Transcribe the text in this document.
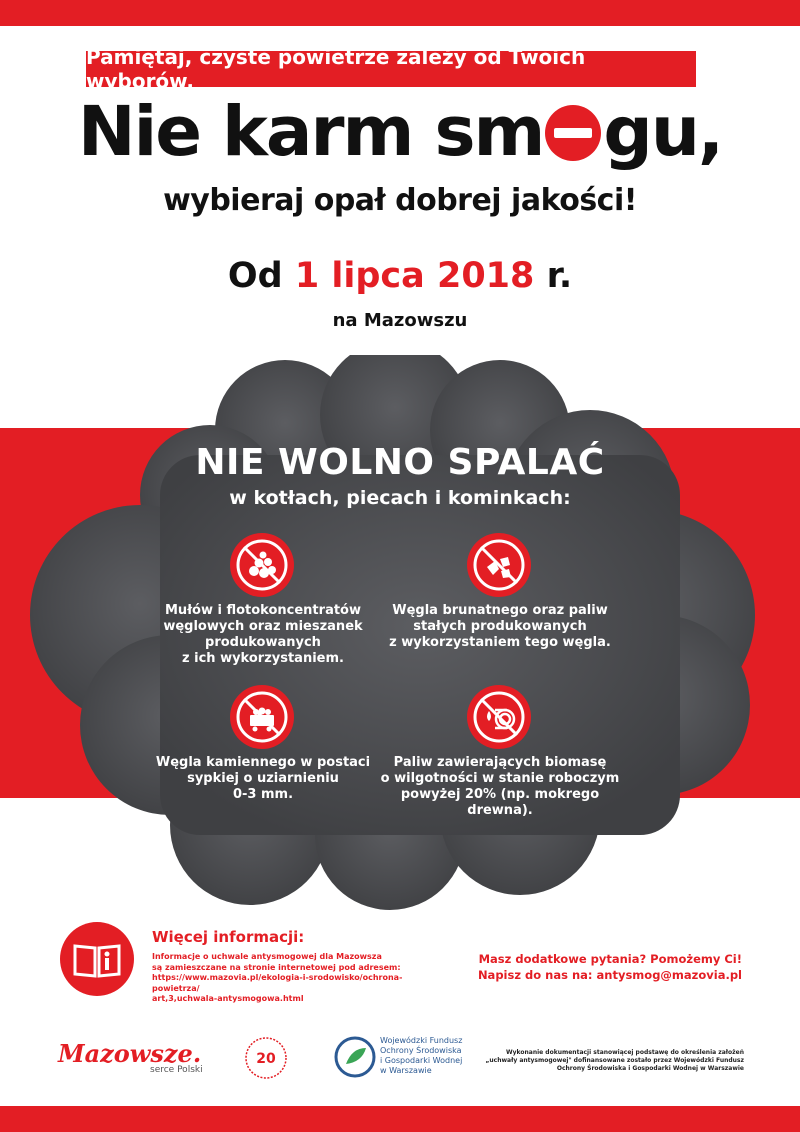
Pamiętaj, czyste powietrze zależy od Twoich wyborów.
Nie karm sm gu,
wybieraj opał dobrej jakości!
Od 1 lipca 2018 r.
na Mazowszu
NIE WOLNO SPALAĆ
w kotłach, piecach i kominkach:
Mułów i flotokoncentratów
węglowych oraz mieszanek
produkowanych
z ich wykorzystaniem.
Węgla brunatnego oraz paliw
stałych produkowanych
z wykorzystaniem tego węgla.
Węgla kamiennego w postaci
sypkiej o uziarnieniu
0-3 mm.
Paliw zawierających biomasę
o wilgotności w stanie roboczym
powyżej 20% (np. mokrego drewna).
Więcej informacji:
Informacje o uchwale antysmogowej dla Mazowsza
są zamieszczane na stronie internetowej pod adresem:
https://www.mazovia.pl/ekologia-i-srodowisko/ochrona-powietrza/
art,3,uchwala-antysmogowa.html
Masz dodatkowe pytania? Pomożemy Ci!
Napisz do nas na: antysmog@mazovia.pl
Mazowsze.
serce Polski
20
Wojewódzki Fundusz
Ochrony Środowiska
i Gospodarki Wodnej
w Warszawie
Wykonanie dokumentacji stanowiącej podstawę do określenia założeń
„uchwały antysmogowej" dofinansowane zostało przez Wojewódzki Fundusz
Ochrony Środowiska i Gospodarki Wodnej w Warszawie
